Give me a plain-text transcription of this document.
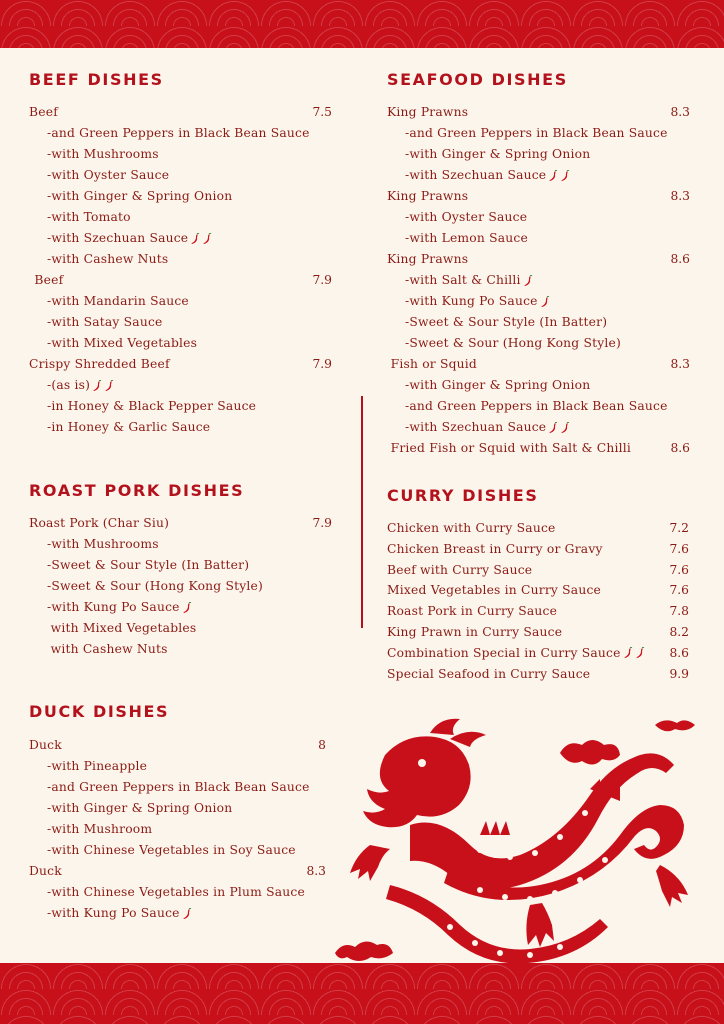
BEEF DISHES
Beef	7.5
-and Green Peppers in Black Bean Sauce
-with Mushrooms
-with Oyster Sauce
-with Ginger & Spring Onion
-with Tomato
-with Szechuan Sauce
-with Cashew Nuts
Beef	7.9
-with Mandarin Sauce
-with Satay Sauce
-with Mixed Vegetables
Crispy Shredded Beef	7.9
-(as is)
-in Honey & Black Pepper Sauce
-in Honey & Garlic Sauce
ROAST PORK DISHES
Roast Pork (Char Siu)	7.9
-with Mushrooms
-Sweet & Sour Style (In Batter)
-Sweet & Sour (Hong Kong Style)
-with Kung Po Sauce
with Mixed Vegetables
with Cashew Nuts
DUCK DISHES
Duck	8
-with Pineapple
-and Green Peppers in Black Bean Sauce
-with Ginger & Spring Onion
-with Mushroom
-with Chinese Vegetables in Soy Sauce
Duck	8.3
-with Chinese Vegetables in Plum Sauce
-with Kung Po Sauce
SEAFOOD DISHES
King Prawns	8.3
-and Green Peppers in Black Bean Sauce
-with Ginger & Spring Onion
-with Szechuan Sauce
King Prawns	8.3
-with Oyster Sauce
-with Lemon Sauce
King Prawns	8.6
-with Salt & Chilli
-with Kung Po Sauce
-Sweet & Sour Style (In Batter)
-Sweet & Sour (Hong Kong Style)
Fish or Squid	8.3
-with Ginger & Spring Onion
-and Green Peppers in Black Bean Sauce
-with Szechuan Sauce
Fried Fish or Squid with Salt & Chilli	8.6
CURRY DISHES
Chicken with Curry Sauce	7.2
Chicken Breast in Curry or Gravy	7.6
Beef with Curry Sauce	7.6
Mixed Vegetables in Curry Sauce	7.6
Roast Pork in Curry Sauce	7.8
King Prawn in Curry Sauce	8.2
Combination Special in Curry Sauce	8.6
Special Seafood in Curry Sauce	9.9
